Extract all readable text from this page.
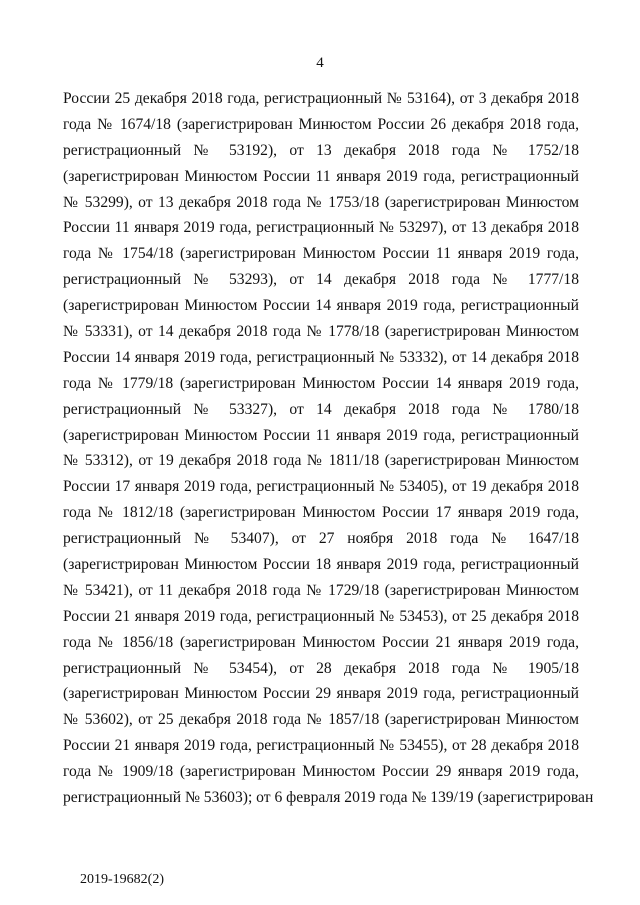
4
России 25 декабря 2018 года, регистрационный № 53164), от 3 декабря 2018
года № 1674/18 (зарегистрирован Минюстом России 26 декабря 2018 года,
регистрационный № 53192), от 13 декабря 2018 года № 1752/18
(зарегистрирован Минюстом России 11 января 2019 года, регистрационный
№ 53299), от 13 декабря 2018 года № 1753/18 (зарегистрирован Минюстом
России 11 января 2019 года, регистрационный № 53297), от 13 декабря 2018
года № 1754/18 (зарегистрирован Минюстом России 11 января 2019 года,
регистрационный № 53293), от 14 декабря 2018 года № 1777/18
(зарегистрирован Минюстом России 14 января 2019 года, регистрационный
№ 53331), от 14 декабря 2018 года № 1778/18 (зарегистрирован Минюстом
России 14 января 2019 года, регистрационный № 53332), от 14 декабря 2018
года № 1779/18 (зарегистрирован Минюстом России 14 января 2019 года,
регистрационный № 53327), от 14 декабря 2018 года № 1780/18
(зарегистрирован Минюстом России 11 января 2019 года, регистрационный
№ 53312), от 19 декабря 2018 года № 1811/18 (зарегистрирован Минюстом
России 17 января 2019 года, регистрационный № 53405), от 19 декабря 2018
года № 1812/18 (зарегистрирован Минюстом России 17 января 2019 года,
регистрационный № 53407), от 27 ноября 2018 года № 1647/18
(зарегистрирован Минюстом России 18 января 2019 года, регистрационный
№ 53421), от 11 декабря 2018 года № 1729/18 (зарегистрирован Минюстом
России 21 января 2019 года, регистрационный № 53453), от 25 декабря 2018
года № 1856/18 (зарегистрирован Минюстом России 21 января 2019 года,
регистрационный № 53454), от 28 декабря 2018 года № 1905/18
(зарегистрирован Минюстом России 29 января 2019 года, регистрационный
№ 53602), от 25 декабря 2018 года № 1857/18 (зарегистрирован Минюстом
России 21 января 2019 года, регистрационный № 53455), от 28 декабря 2018
года № 1909/18 (зарегистрирован Минюстом России 29 января 2019 года,
регистрационный № 53603); от 6 февраля 2019 года № 139/19 (зарегистрирован
2019-19682(2)
